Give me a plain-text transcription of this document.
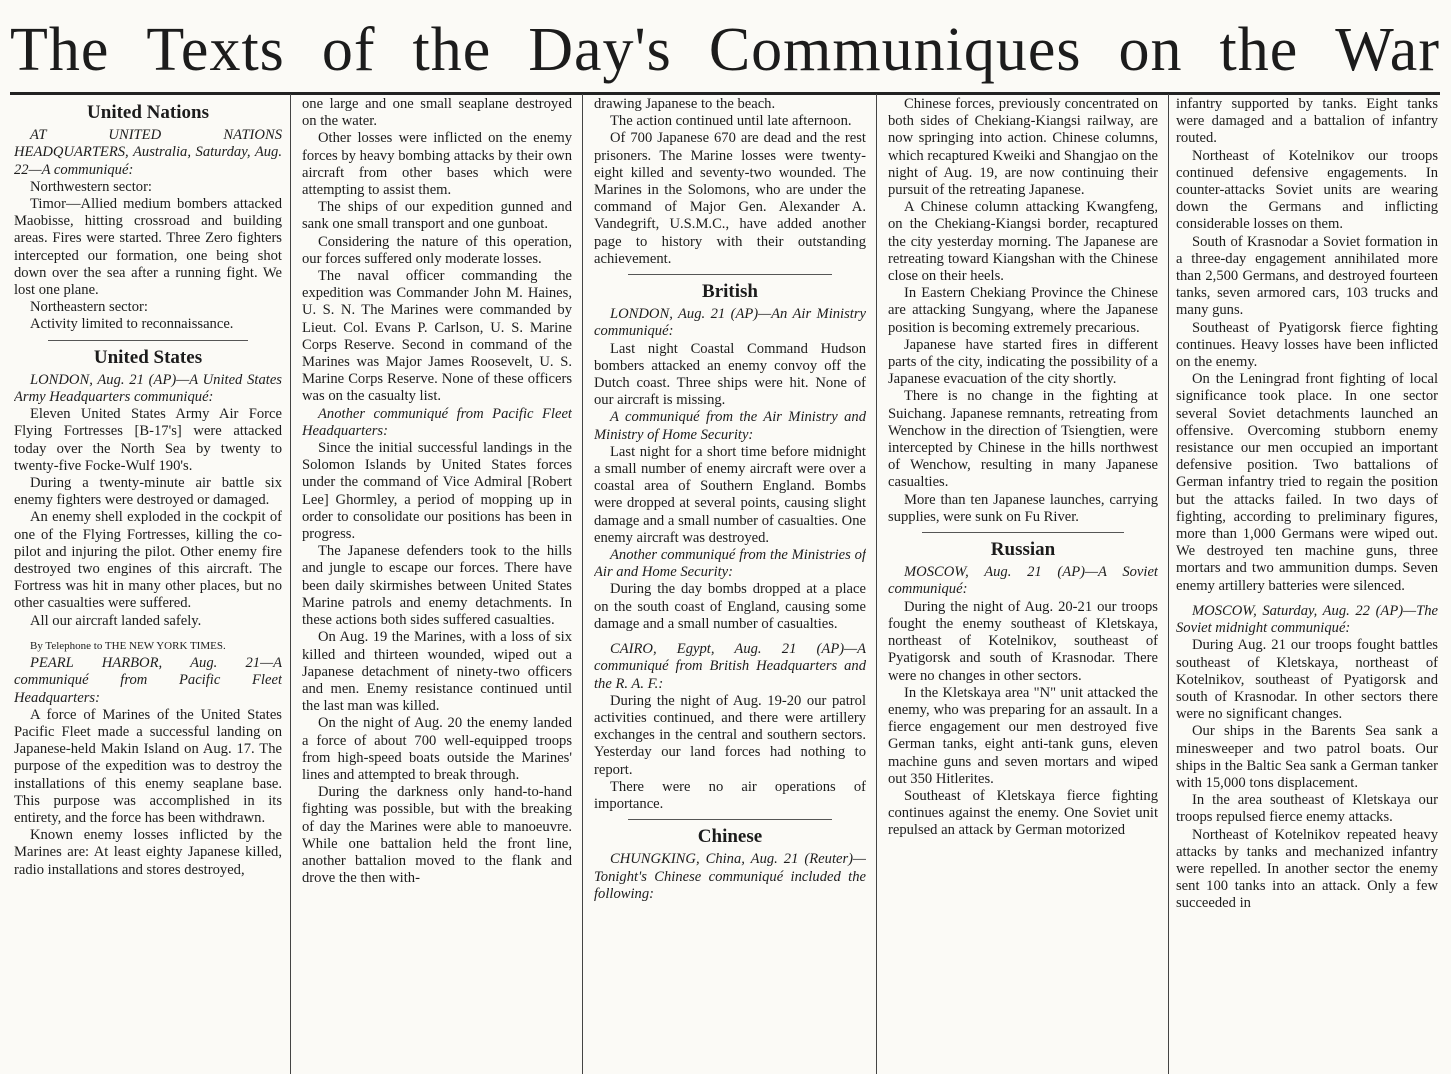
The Texts of the Day's Communiques on the War
United Nations

AT UNITED NATIONS HEADQUARTERS, Australia, Saturday, Aug. 22—A communiqué:

Northwestern sector:

Timor—Allied medium bombers attacked Maobisse, hitting crossroad and building areas. Fires were started. Three Zero fighters intercepted our formation, one being shot down over the sea after a running fight. We lost one plane.

Northeastern sector:

Activity limited to reconnaissance.

United States

LONDON, Aug. 21 (AP)—A United States Army Headquarters communiqué:

Eleven United States Army Air Force Flying Fortresses [B-17's] were attacked today over the North Sea by twenty to twenty-five Focke-Wulf 190's.

During a twenty-minute air battle six enemy fighters were destroyed or damaged.

An enemy shell exploded in the cockpit of one of the Flying Fortresses, killing the co-pilot and injuring the pilot. Other enemy fire destroyed two engines of this aircraft. The Fortress was hit in many other places, but no other casualties were suffered.

All our aircraft landed safely.

By Telephone to THE NEW YORK TIMES.

PEARL HARBOR, Aug. 21—A communiqué from Pacific Fleet Headquarters:

A force of Marines of the United States Pacific Fleet made a successful landing on Japanese-held Makin Island on Aug. 17. The purpose of the expedition was to destroy the installations of this enemy seaplane base. This purpose was accomplished in its entirety, and the force has been withdrawn.

Known enemy losses inflicted by the Marines are: At least eighty Japanese killed, radio installations and stores destroyed,

one large and one small seaplane destroyed on the water.

Other losses were inflicted on the enemy forces by heavy bombing attacks by their own aircraft from other bases which were attempting to assist them.

The ships of our expedition gunned and sank one small transport and one gunboat.

Considering the nature of this operation, our forces suffered only moderate losses.

The naval officer commanding the expedition was Commander John M. Haines, U. S. N. The Marines were commanded by Lieut. Col. Evans P. Carlson, U. S. Marine Corps Reserve. Second in command of the Marines was Major James Roosevelt, U. S. Marine Corps Reserve. None of these officers was on the casualty list.

Another communiqué from Pacific Fleet Headquarters:

Since the initial successful landings in the Solomon Islands by United States forces under the command of Vice Admiral [Robert Lee] Ghormley, a period of mopping up in order to consolidate our positions has been in progress.

The Japanese defenders took to the hills and jungle to escape our forces. There have been daily skirmishes between United States Marine patrols and enemy detachments. In these actions both sides suffered casualties.

On Aug. 19 the Marines, with a loss of six killed and thirteen wounded, wiped out a Japanese detachment of ninety-two officers and men. Enemy resistance continued until the last man was killed.

On the night of Aug. 20 the enemy landed a force of about 700 well-equipped troops from high-speed boats outside the Marines' lines and attempted to break through.

During the darkness only hand-to-hand fighting was possible, but with the breaking of day the Marines were able to manoeuvre. While one battalion held the front line, another battalion moved to the flank and drove the then with-

drawing Japanese to the beach.

The action continued until late afternoon.

Of 700 Japanese 670 are dead and the rest prisoners. The Marine losses were twenty-eight killed and seventy-two wounded. The Marines in the Solomons, who are under the command of Major Gen. Alexander A. Vandegrift, U.S.M.C., have added another page to history with their outstanding achievement.

British

LONDON, Aug. 21 (AP)—An Air Ministry communiqué:

Last night Coastal Command Hudson bombers attacked an enemy convoy off the Dutch coast. Three ships were hit. None of our aircraft is missing.

A communiqué from the Air Ministry and Ministry of Home Security:

Last night for a short time before midnight a small number of enemy aircraft were over a coastal area of Southern England. Bombs were dropped at several points, causing slight damage and a small number of casualties. One enemy aircraft was destroyed.

Another communiqué from the Ministries of Air and Home Security:

During the day bombs dropped at a place on the south coast of England, causing some damage and a small number of casualties.

CAIRO, Egypt, Aug. 21 (AP)—A communiqué from British Headquarters and the R. A. F.:

During the night of Aug. 19-20 our patrol activities continued, and there were artillery exchanges in the central and southern sectors. Yesterday our land forces had nothing to report.

There were no air operations of importance.

Chinese

CHUNGKING, China, Aug. 21 (Reuter)—Tonight's Chinese communiqué included the following:

Chinese forces, previously concentrated on both sides of Chekiang-Kiangsi railway, are now springing into action. Chinese columns, which recaptured Kweiki and Shangjao on the night of Aug. 19, are now continuing their pursuit of the retreating Japanese.

A Chinese column attacking Kwangfeng, on the Chekiang-Kiangsi border, recaptured the city yesterday morning. The Japanese are retreating toward Kiangshan with the Chinese close on their heels.

In Eastern Chekiang Province the Chinese are attacking Sungyang, where the Japanese position is becoming extremely precarious.

Japanese have started fires in different parts of the city, indicating the possibility of a Japanese evacuation of the city shortly.

There is no change in the fighting at Suichang. Japanese remnants, retreating from Wenchow in the direction of Tsiengtien, were intercepted by Chinese in the hills northwest of Wenchow, resulting in many Japanese casualties.

More than ten Japanese launches, carrying supplies, were sunk on Fu River.

Russian

MOSCOW, Aug. 21 (AP)—A Soviet communiqué:

During the night of Aug. 20-21 our troops fought the enemy southeast of Kletskaya, northeast of Kotelnikov, southeast of Pyatigorsk and south of Krasnodar. There were no changes in other sectors.

In the Kletskaya area "N" unit attacked the enemy, who was preparing for an assault. In a fierce engagement our men destroyed five German tanks, eight anti-tank guns, eleven machine guns and seven mortars and wiped out 350 Hitlerites.

Southeast of Kletskaya fierce fighting continues against the enemy. One Soviet unit repulsed an attack by German motorized

infantry supported by tanks. Eight tanks were damaged and a battalion of infantry routed.

Northeast of Kotelnikov our troops continued defensive engagements. In counter-attacks Soviet units are wearing down the Germans and inflicting considerable losses on them.

South of Krasnodar a Soviet formation in a three-day engagement annihilated more than 2,500 Germans, and destroyed fourteen tanks, seven armored cars, 103 trucks and many guns.

Southeast of Pyatigorsk fierce fighting continues. Heavy losses have been inflicted on the enemy.

On the Leningrad front fighting of local significance took place. In one sector several Soviet detachments launched an offensive. Overcoming stubborn enemy resistance our men occupied an important defensive position. Two battalions of German infantry tried to regain the position but the attacks failed. In two days of fighting, according to preliminary figures, more than 1,000 Germans were wiped out. We destroyed ten machine guns, three mortars and two ammunition dumps. Seven enemy artillery batteries were silenced.

MOSCOW, Saturday, Aug. 22 (AP)—The Soviet midnight communiqué:

During Aug. 21 our troops fought battles southeast of Kletskaya, northeast of Kotelnikov, southeast of Pyatigorsk and south of Krasnodar. In other sectors there were no significant changes.

Our ships in the Barents Sea sank a minesweeper and two patrol boats. Our ships in the Baltic Sea sank a German tanker with 15,000 tons displacement.

In the area southeast of Kletskaya our troops repulsed fierce enemy attacks.

Northeast of Kotelnikov repeated heavy attacks by tanks and mechanized infantry were repelled. In another sector the enemy sent 100 tanks into an attack. Only a few succeeded in
